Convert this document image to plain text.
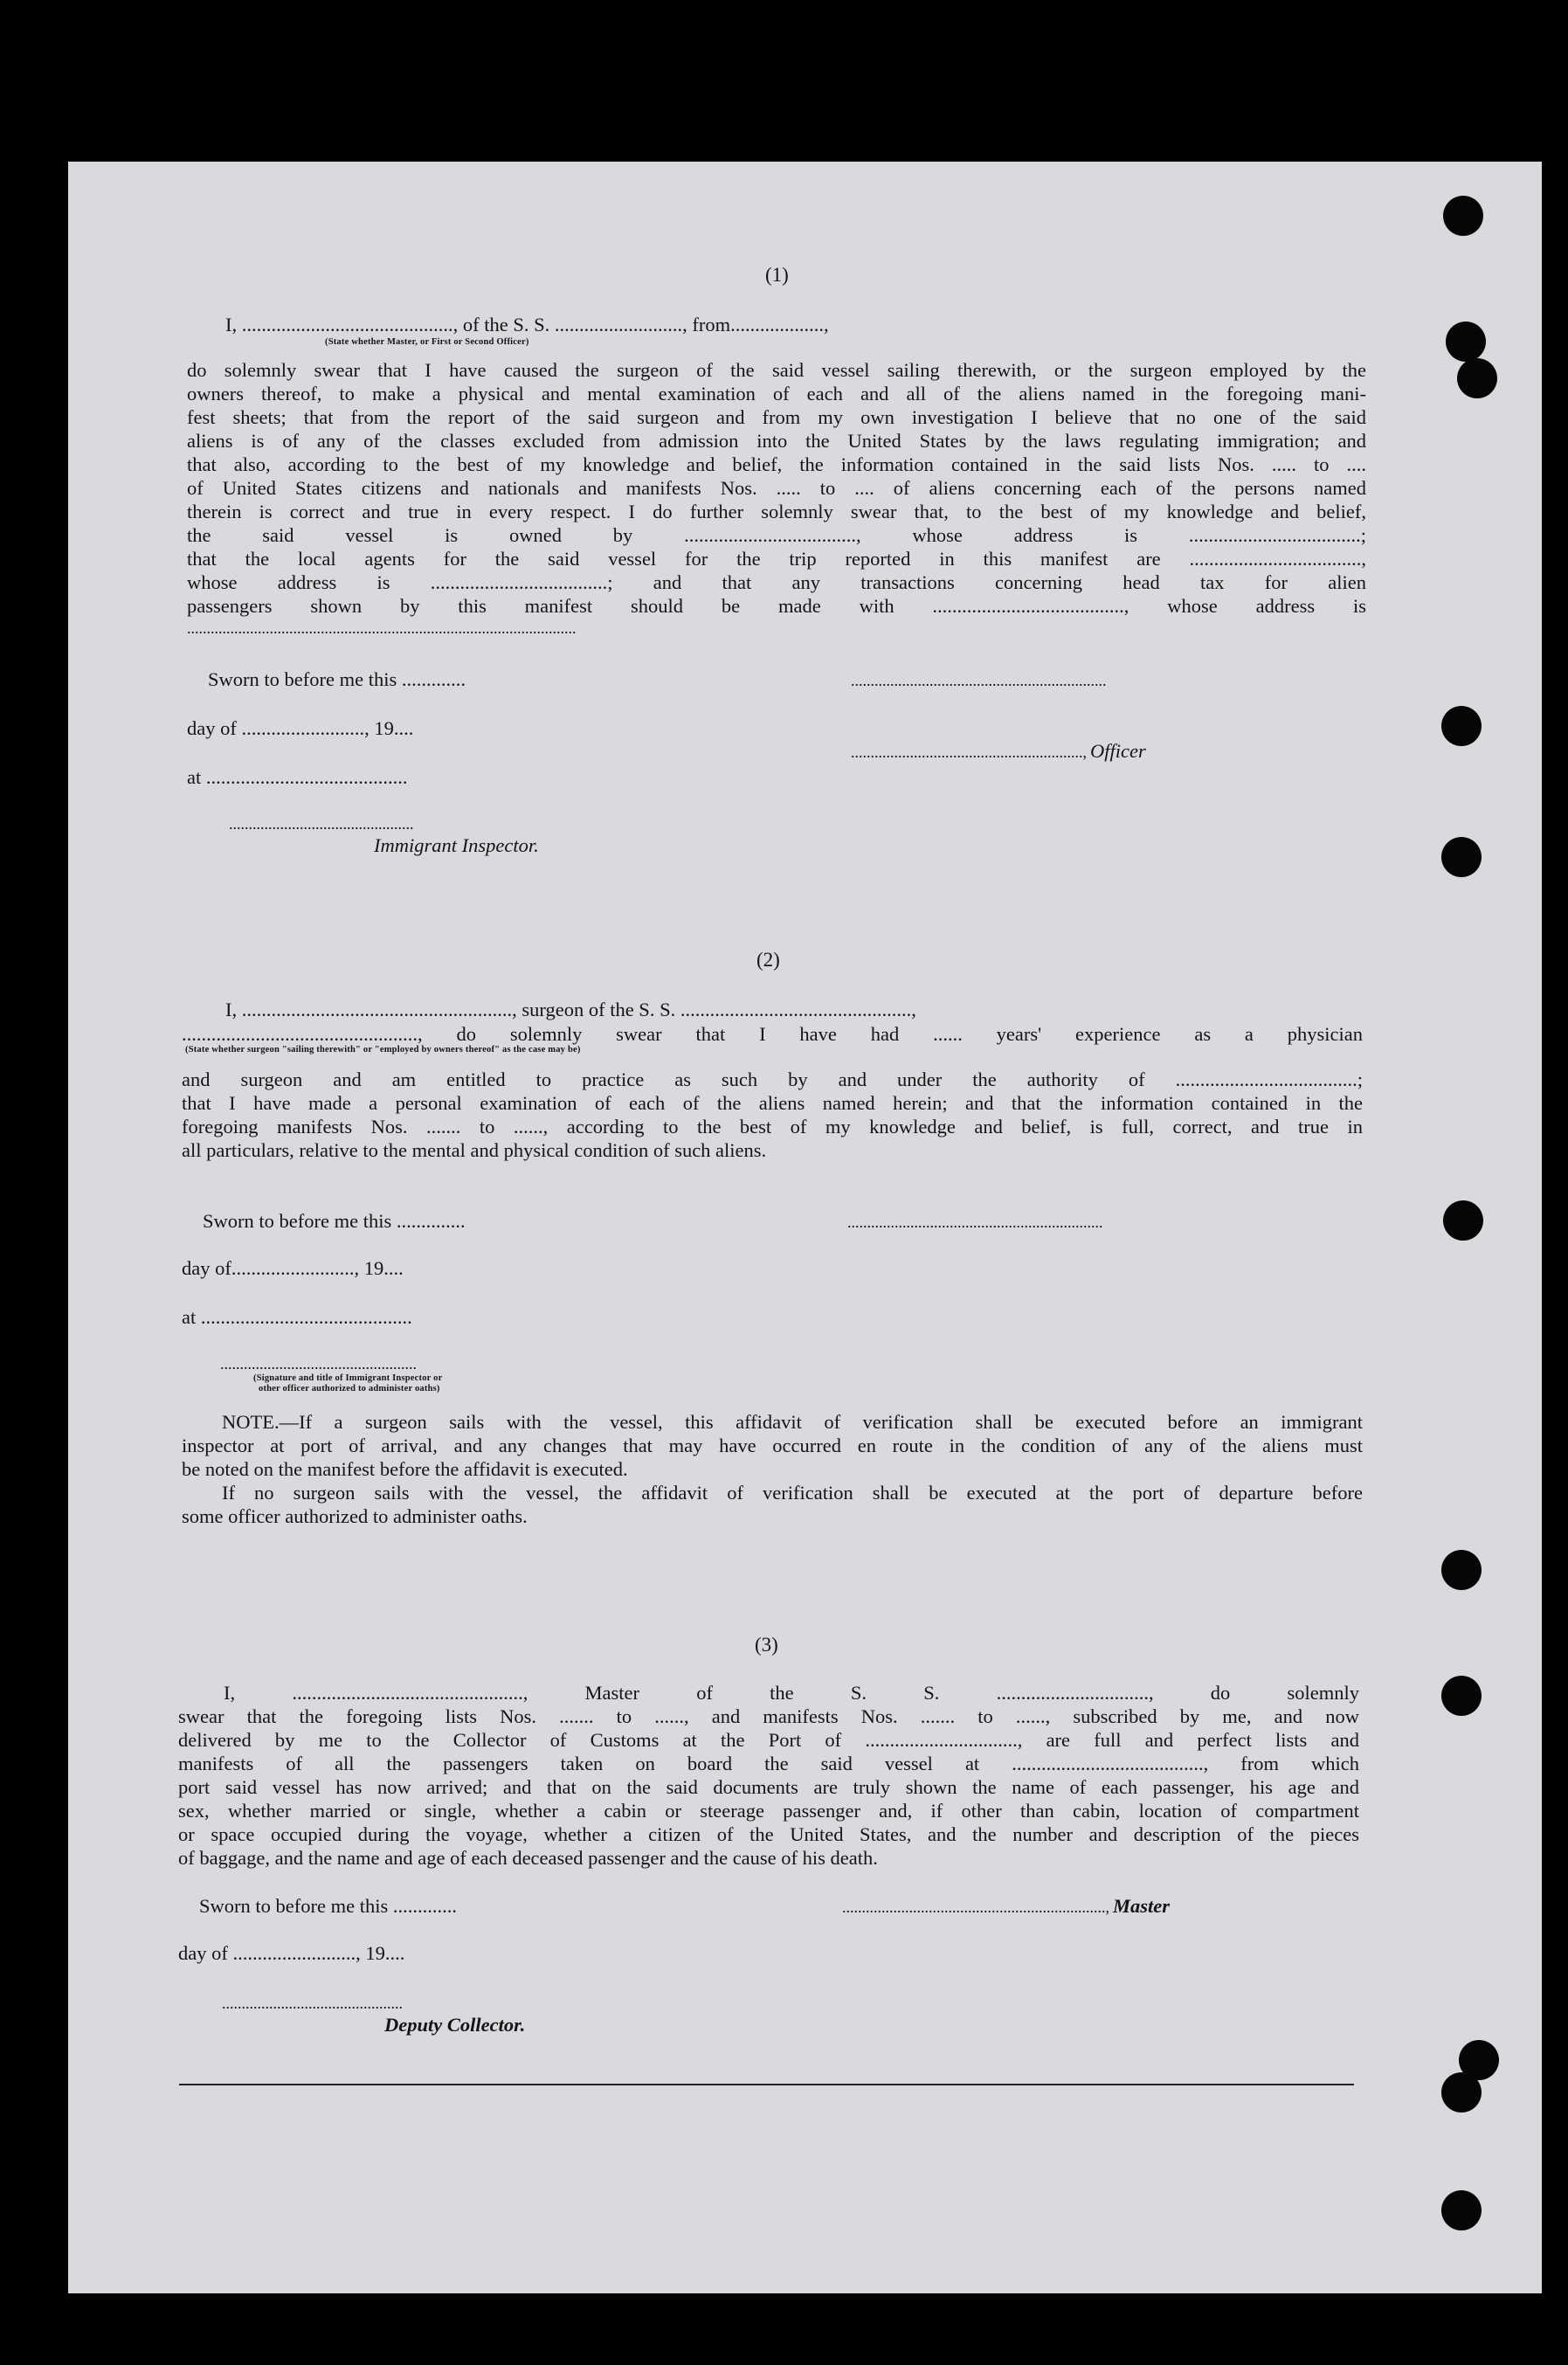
(1)
I, ..........................................., of the S. S. .........................., from...................,
(State whether Master, or First or Second Officer)
do solemnly swear that I have caused the surgeon of the said vessel sailing therewith, or the surgeon employed by the
owners thereof, to make a physical and mental examination of each and all of the aliens named in the foregoing mani-
fest sheets; that from the report of the said surgeon and from my own investigation I believe that no one of the said
aliens is of any of the classes excluded from admission into the United States by the laws regulating immigration; and
that also, according to the best of my knowledge and belief, the information contained in the said lists Nos. ..... to ....
of United States citizens and nationals and manifests Nos. ..... to .... of aliens concerning each of the persons named
therein is correct and true in every respect. I do further solemnly swear that, to the best of my knowledge and belief,
the said vessel is owned by ..................................., whose address is ...................................;
that the local agents for the said vessel for the trip reported in this manifest are ...................................,
whose address is ....................................; and that any transactions concerning head tax for alien
passengers shown by this manifest should be made with ......................................., whose address is
...................................................................................................
Sworn to before me this .............	.................................................................
day of ........................., 19....
..........................................................., Officer
at .........................................
...............................................
Immigrant Inspector.
(2)
I, ......................................................., surgeon of the S. S. ...............................................,
................................................, do solemnly swear that I have had ...... years' experience as a physician
(State whether surgeon "sailing therewith" or "employed by owners thereof" as the case may be)
and surgeon and am entitled to practice as such by and under the authority of .....................................;
that I have made a personal examination of each of the aliens named herein; and that the information contained in the
foregoing manifests Nos. ....... to ......, according to the best of my knowledge and belief, is full, correct, and true in
all particulars, relative to the mental and physical condition of such aliens.
Sworn to before me this ..............	.................................................................
day of........................., 19....
at ...........................................
..................................................
(Signature and title of Immigrant Inspector or
other officer authorized to administer oaths)
NOTE.—If a surgeon sails with the vessel, this affidavit of verification shall be executed before an immigrant
inspector at port of arrival, and any changes that may have occurred en route in the condition of any of the aliens must
be noted on the manifest before the affidavit is executed.
If no surgeon sails with the vessel, the affidavit of verification shall be executed at the port of departure before
some officer authorized to administer oaths.
(3)
I, ..............................................., Master of the S. S. ..............................., do solemnly
swear that the foregoing lists Nos. ....... to ......, and manifests Nos. ....... to ......, subscribed by me, and now
delivered by me to the Collector of Customs at the Port of ..............................., are full and perfect lists and
manifests of all the passengers taken on board the said vessel at ......................................., from which
port said vessel has now arrived; and that on the said documents are truly shown the name of each passenger, his age and
sex, whether married or single, whether a cabin or steerage passenger and, if other than cabin, location of compartment
or space occupied during the voyage, whether a citizen of the United States, and the number and description of the pieces
of baggage, and the name and age of each deceased passenger and the cause of his death.
Sworn to before me this .............	..................................................................., Master
day of ........................., 19....
..............................................
Deputy Collector.
